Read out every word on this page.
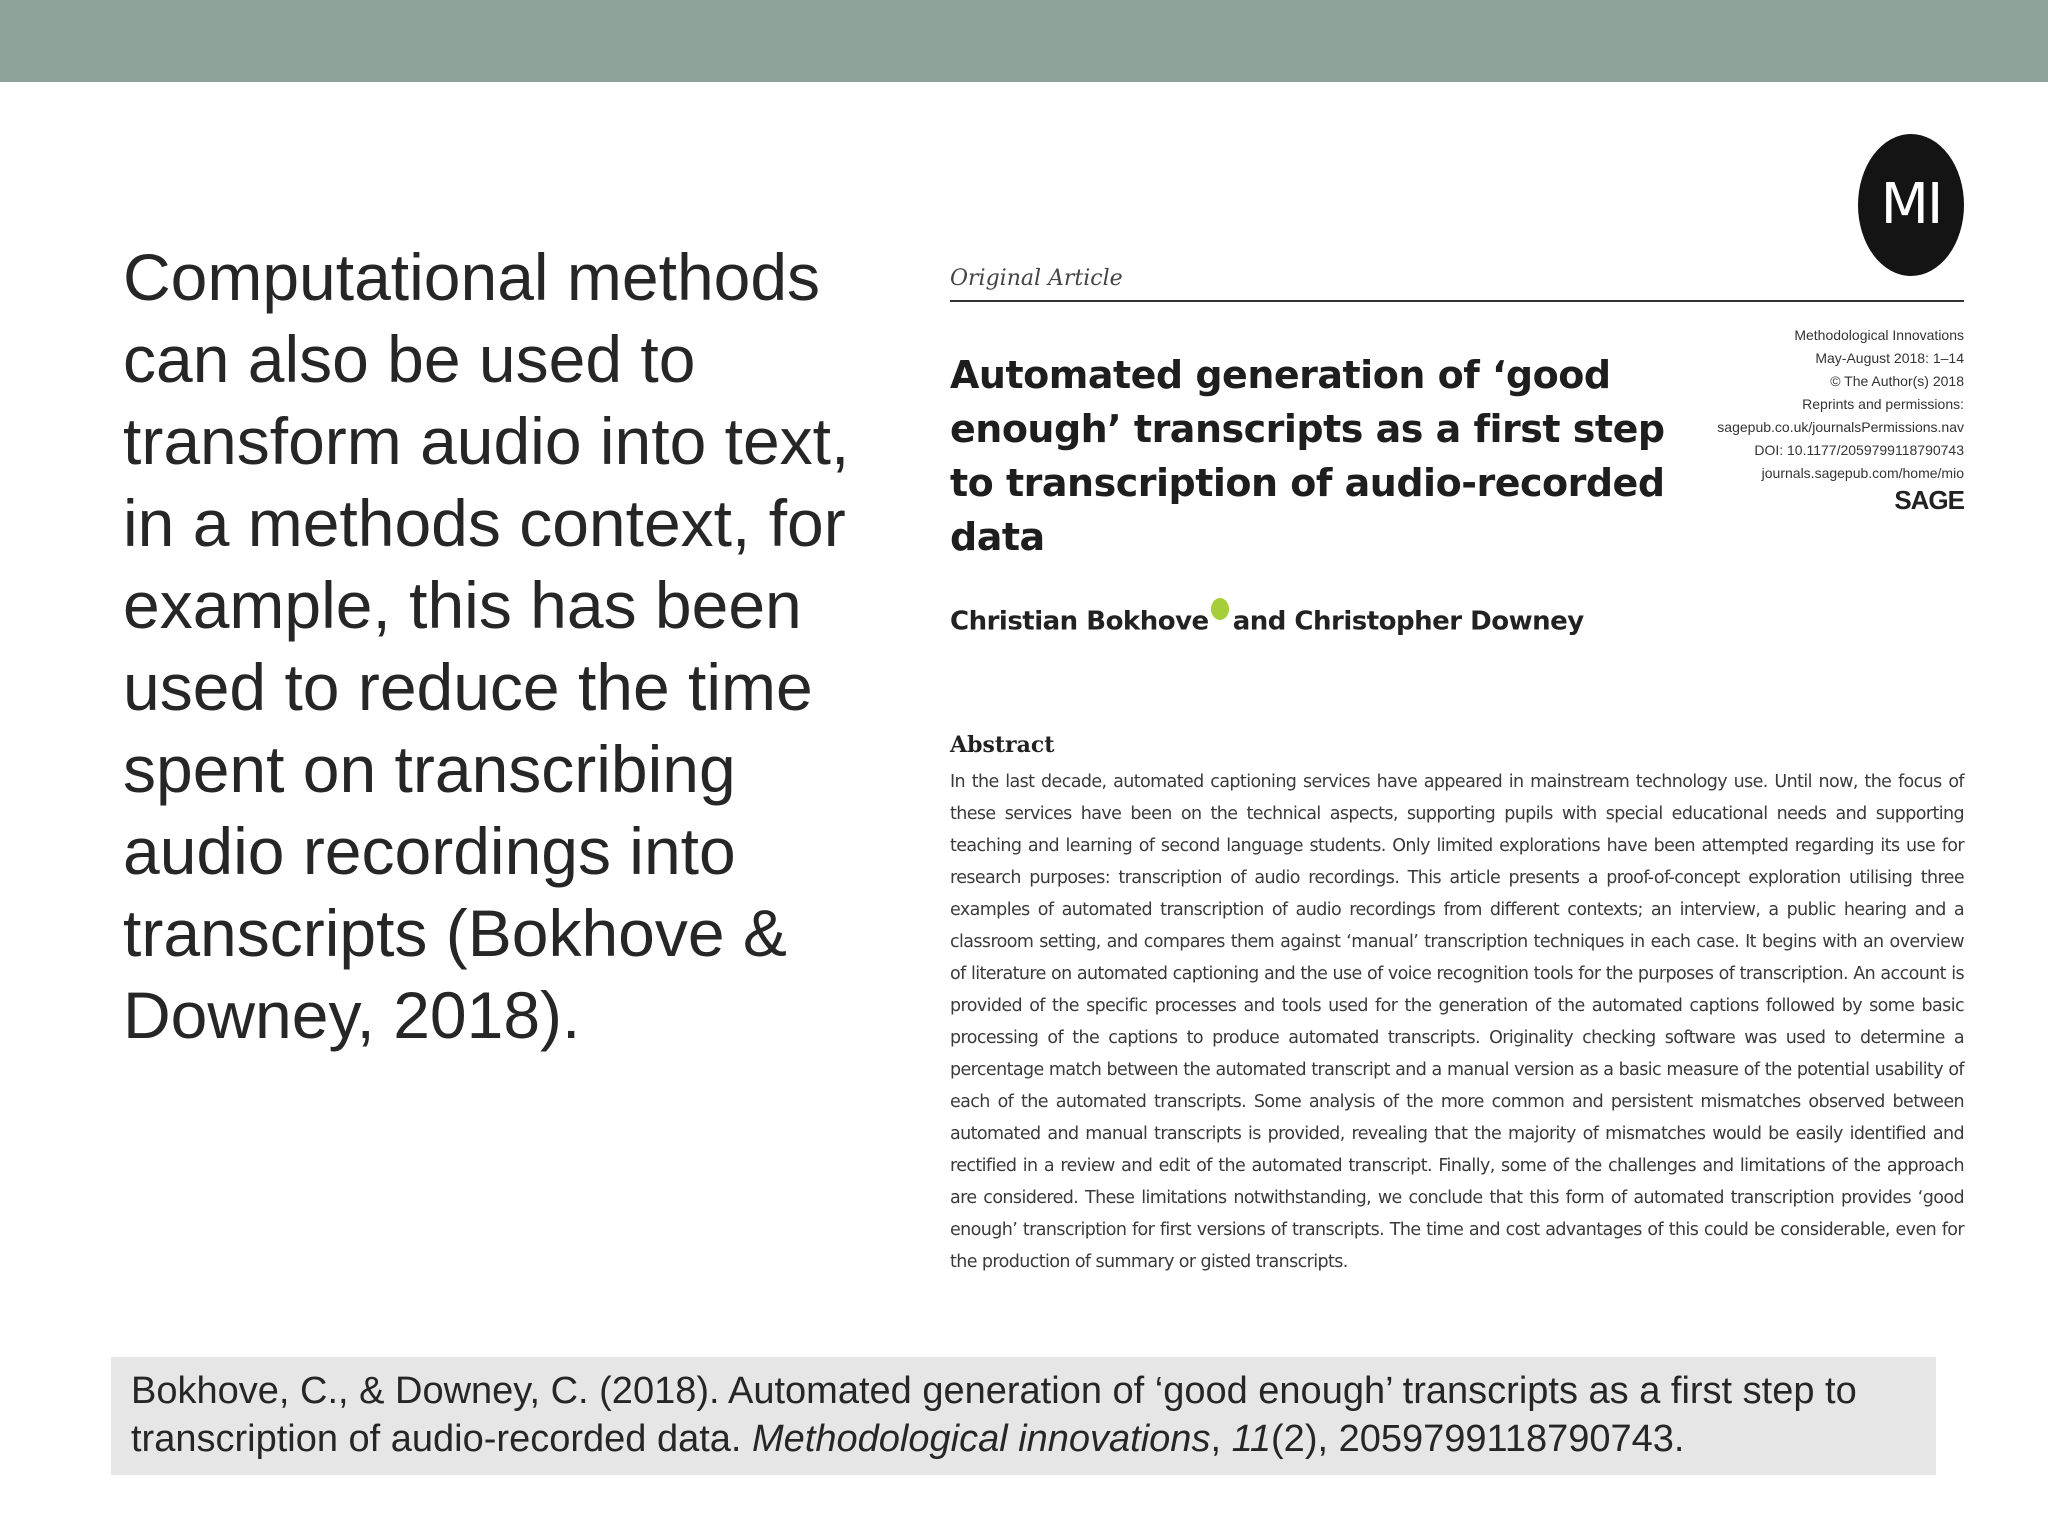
Computational methods can also be used to transform audio into text, in a methods context, for example, this has been used to reduce the time spent on transcribing audio recordings into transcripts (Bokhove & Downey, 2018).

MI
Original Article
Methodological Innovations
May-August 2018: 1–14
© The Author(s) 2018
Reprints and permissions:
sagepub.co.uk/journalsPermissions.nav
DOI: 10.1177/2059799118790743
journals.sagepub.com/home/mio
SAGE
Automated generation of ‘good enough’ transcripts as a first step to transcription of audio-recorded data
Christian Bokhove and Christopher Downey
Abstract

In the last decade, automated captioning services have appeared in mainstream technology use. Until now, the focus of these services have been on the technical aspects, supporting pupils with special educational needs and supporting teaching and learning of second language students. Only limited explorations have been attempted regarding its use for research purposes: transcription of audio recordings. This article presents a proof-of-concept exploration utilising three examples of automated transcription of audio recordings from different contexts; an interview, a public hearing and a classroom setting, and compares them against ‘manual’ transcription techniques in each case. It begins with an overview of literature on automated captioning and the use of voice recognition tools for the purposes of transcription. An account is provided of the specific processes and tools used for the generation of the automated captions followed by some basic processing of the captions to produce automated transcripts. Originality checking software was used to determine a percentage match between the automated transcript and a manual version as a basic measure of the potential usability of each of the automated transcripts. Some analysis of the more common and persistent mismatches observed between automated and manual transcripts is provided, revealing that the majority of mismatches would be easily identified and rectified in a review and edit of the automated transcript. Finally, some of the challenges and limitations of the approach are considered. These limitations notwithstanding, we conclude that this form of automated transcription provides ‘good enough’ transcription for first versions of transcripts. The time and cost advantages of this could be considerable, even for the production of summary or gisted transcripts.

Bokhove, C., & Downey, C. (2018). Automated generation of ‘good enough’ transcripts as a first step to transcription of audio-recorded data. Methodological innovations, 11(2), 2059799118790743.
